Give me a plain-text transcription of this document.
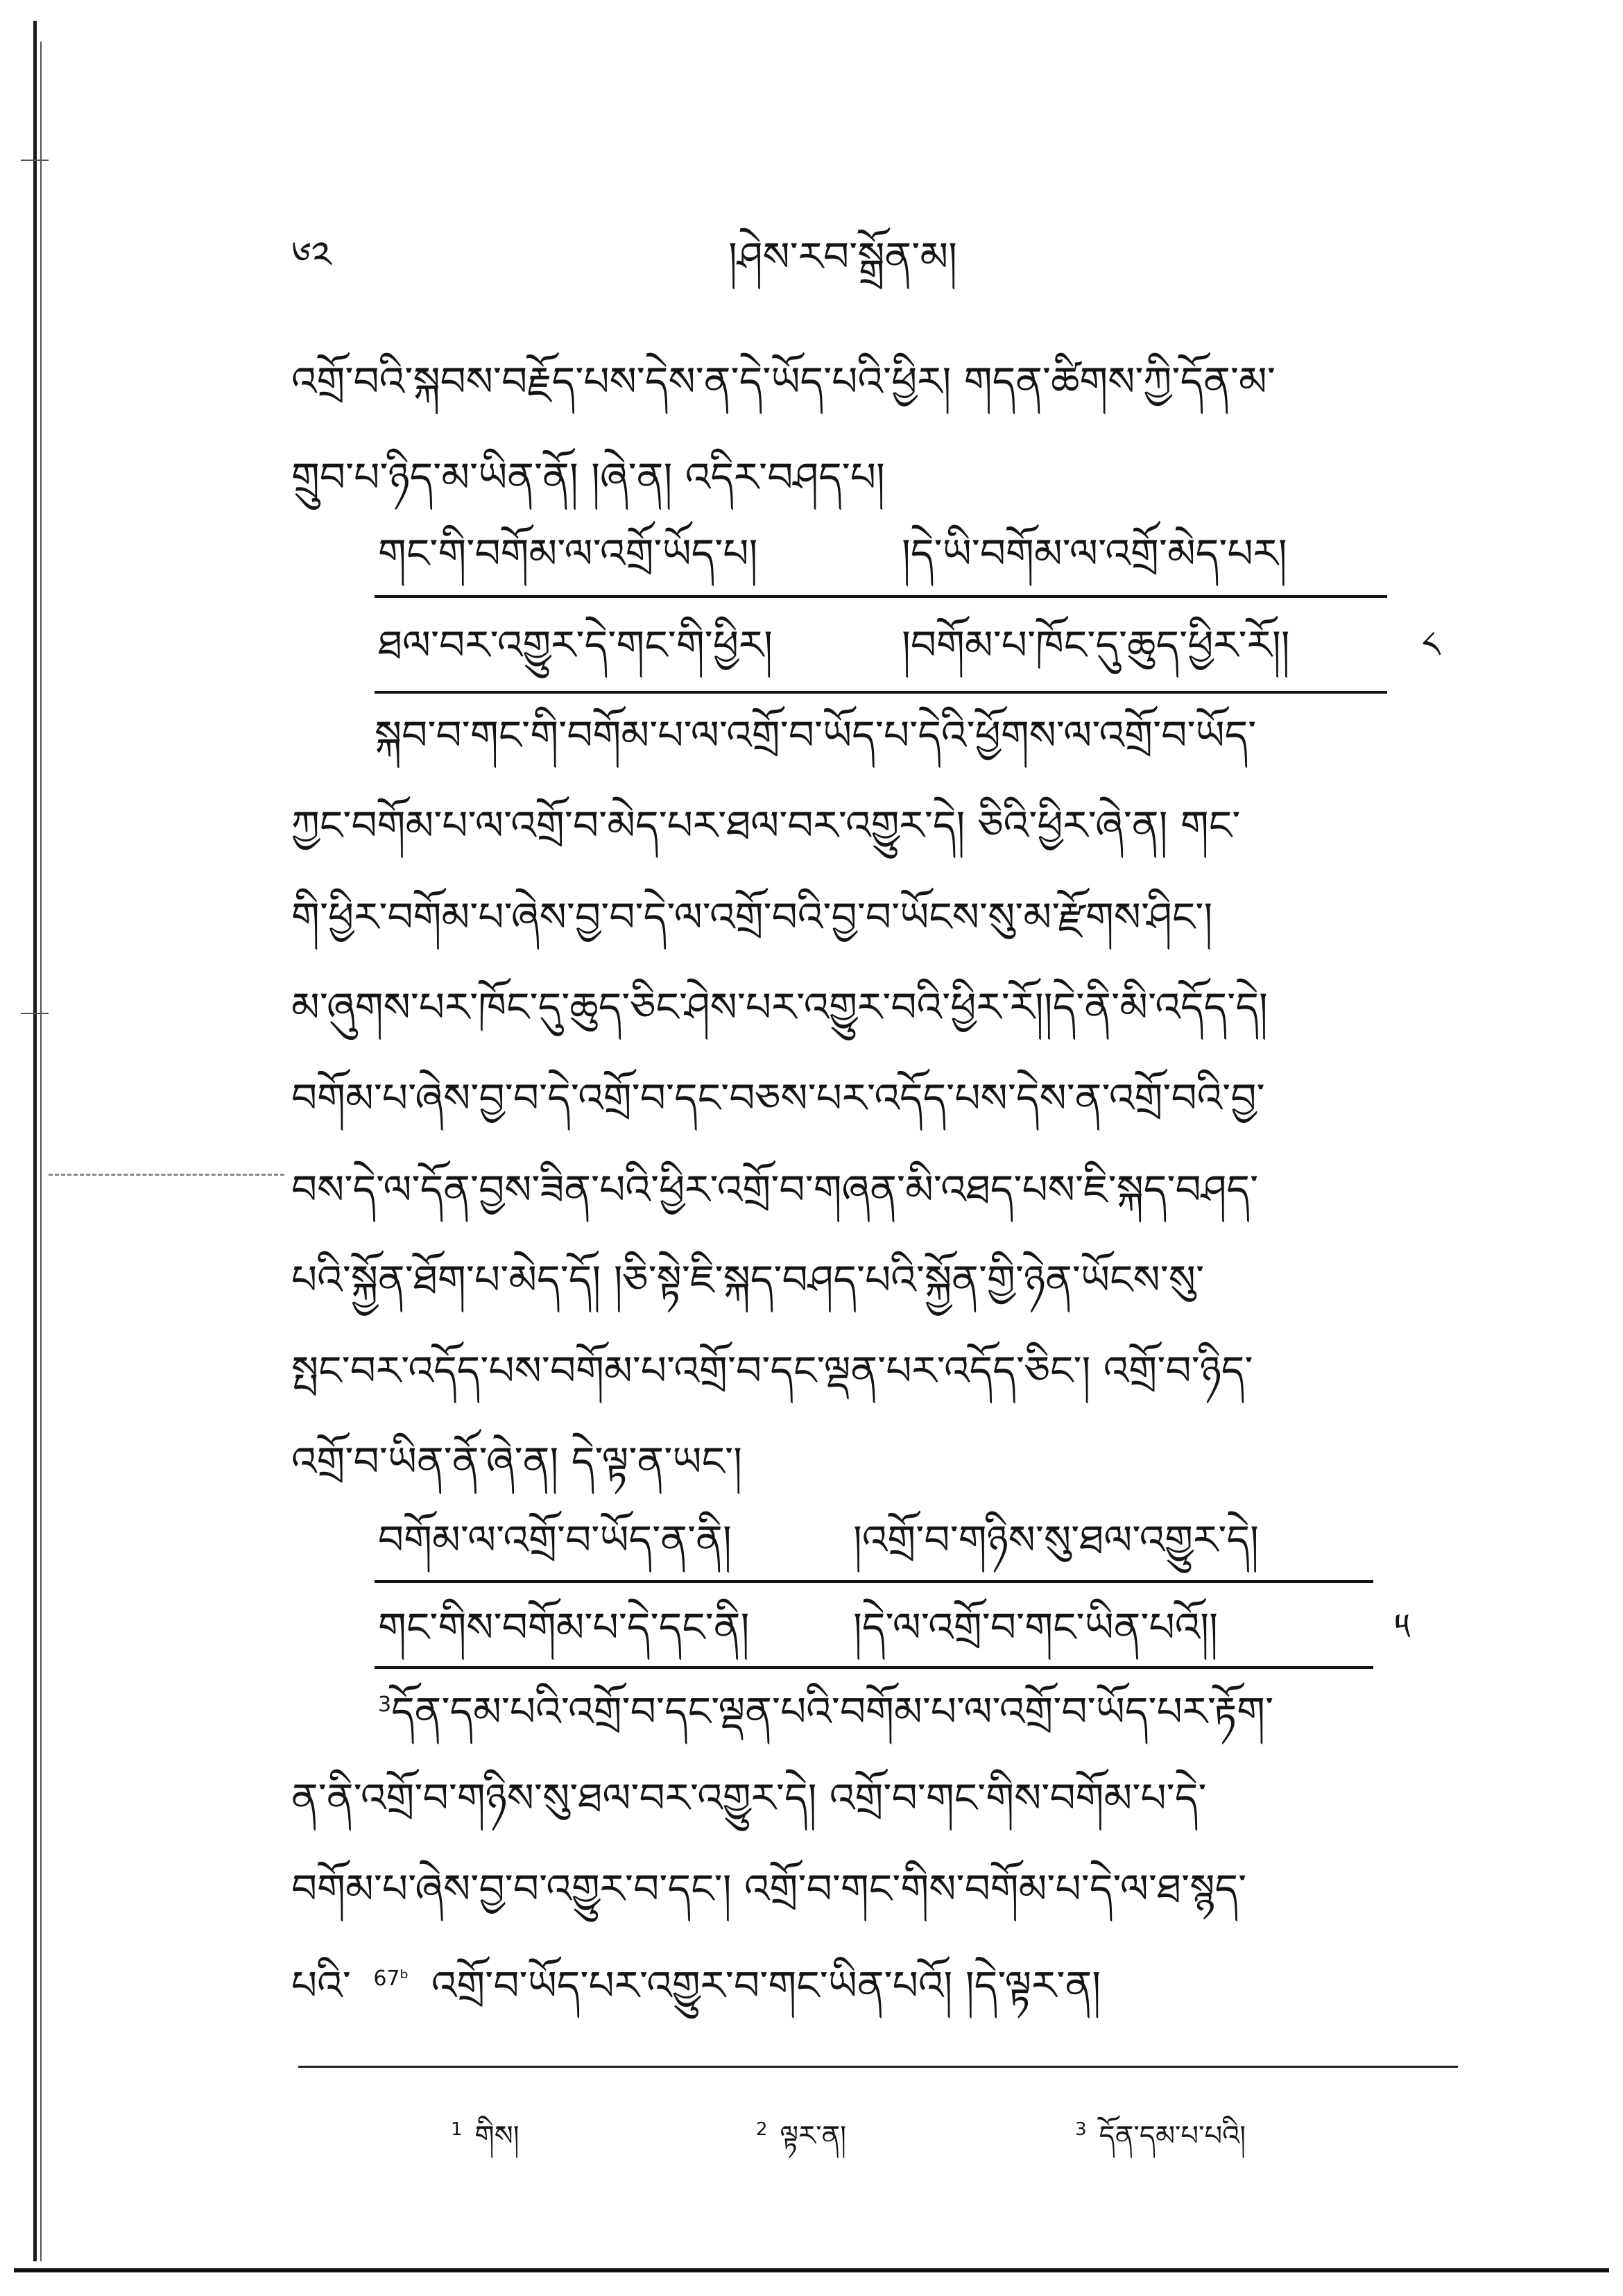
༦༢	།ཤེས་རབ་སྒྲོན་མ།
འགྲོ་བའི་སྐབས་བརྗོད་པས་དེས་ན་དེ་ཡོད་པའི་ཕྱིར། གདན་ཚིགས་ཀྱི་དོན་མ་
གྲུབ་པ་ཉིད་མ་ཡིན་ནོ། །ཞེ་ན། འདིར་བཤད་པ།
གང་གི་བགོམ་ལ་འགྲོ་ཡོད་པ།	།དེ་ཡི་བགོམ་ལ་འགྲོ་མེད་པར།
ཐལ་བར་འགྱུར་དེ་གང་གི་ཕྱིར།	།བགོམ་པ་ཁོང་དུ་ཆུད་ཕྱིར་རོ།།	༨
སྐབ་བ་གང་གི་བགོམ་པ་ལ་འགྲོ་བ་ཡོད་པ་དེའི་ཕྱོགས་ལ་འགྲོ་བ་ཡོད་
ཀྱང་བགོམ་པ་ལ་འགྲོ་བ་མེད་པར་ཐལ་བར་འགྱུར་དེ། ཅིའི་ཕྱིར་ཞེ་ན། གང་
གི་ཕྱིར་བགོམ་པ་ཞེས་བྱ་བ་དེ་ལ་འགྲོ་བའི་བྱ་བ་ཡོངས་སུ་མ་རྫོགས་ཤིང་།
མ་ཞུགས་པར་ཁོང་དུ་ཆུད་ཅིང་ཤེས་པར་འགྱུར་བའི་ཕྱིར་རོ།།དེ་ནི་མི་འདོད་དེ།
བགོམ་པ་ཞེས་བྱ་བ་དེ་འགྲོ་བ་དང་བཅས་པར་འདོད་པས་དེས་ན་འགྲོ་བའི་བྱ་
བས་དེ་ལ་དོན་བྱས་ཟིན་པའི་ཕྱིར་འགྲོ་བ་གཞན་མི་འཐད་པས་ཇི་སྐད་བཤད་
པའི་སྐྱོན་ཐོག་པ་མེད་དོ། །ཅི་སྟེ་ཇི་སྐད་བཤད་པའི་སྐྱོན་གྱི་ཉེན་ཡོངས་སུ་
སྤང་བར་འདོད་པས་བགོམ་པ་འགྲོ་བ་དང་ལྡན་པར་འདོད་ཅིང་། འགྲོ་བ་ཉིད་
འགྲོ་བ་ཡིན་ནོ་ཞེ་ན། དེ་ལྟ་ན་ཡང་།
བགོམ་ལ་འགྲོ་བ་ཡོད་ན་ནི།	།འགྲོ་བ་གཉིས་སུ་ཐལ་འགྱུར་དེ།
གང་གིས་བགོམ་པ་དེ་དང་ནི།	།དེ་ལ་འགྲོ་བ་གང་ཡིན་པའོ།།	༥
$^3$དོན་དམ་པའི་འགྲོ་བ་དང་ལྡན་པའི་བགོམ་པ་ལ་འགྲོ་བ་ཡོད་པར་རྟོག་
ན་ནི་འགྲོ་བ་གཉིས་སུ་ཐལ་བར་འགྱུར་དེ། འགྲོ་བ་གང་གིས་བགོམ་པ་དེ་
བགོམ་པ་ཞེས་བྱ་བ་འགྱུར་བ་དང་། འགྲོ་བ་གང་གིས་བགོམ་པ་དེ་ལ་ཐ་སྙད་
པའི་ $^{67ᵇ}$ འགྲོ་བ་ཡོད་པར་འགྱུར་བ་གང་ཡིན་པའོ། །དེ་ལྟར་ན།
$^1$ གིས།	$^2$ ལྟར་ན།	$^3$ དོན་དམ་པ་པའི།
